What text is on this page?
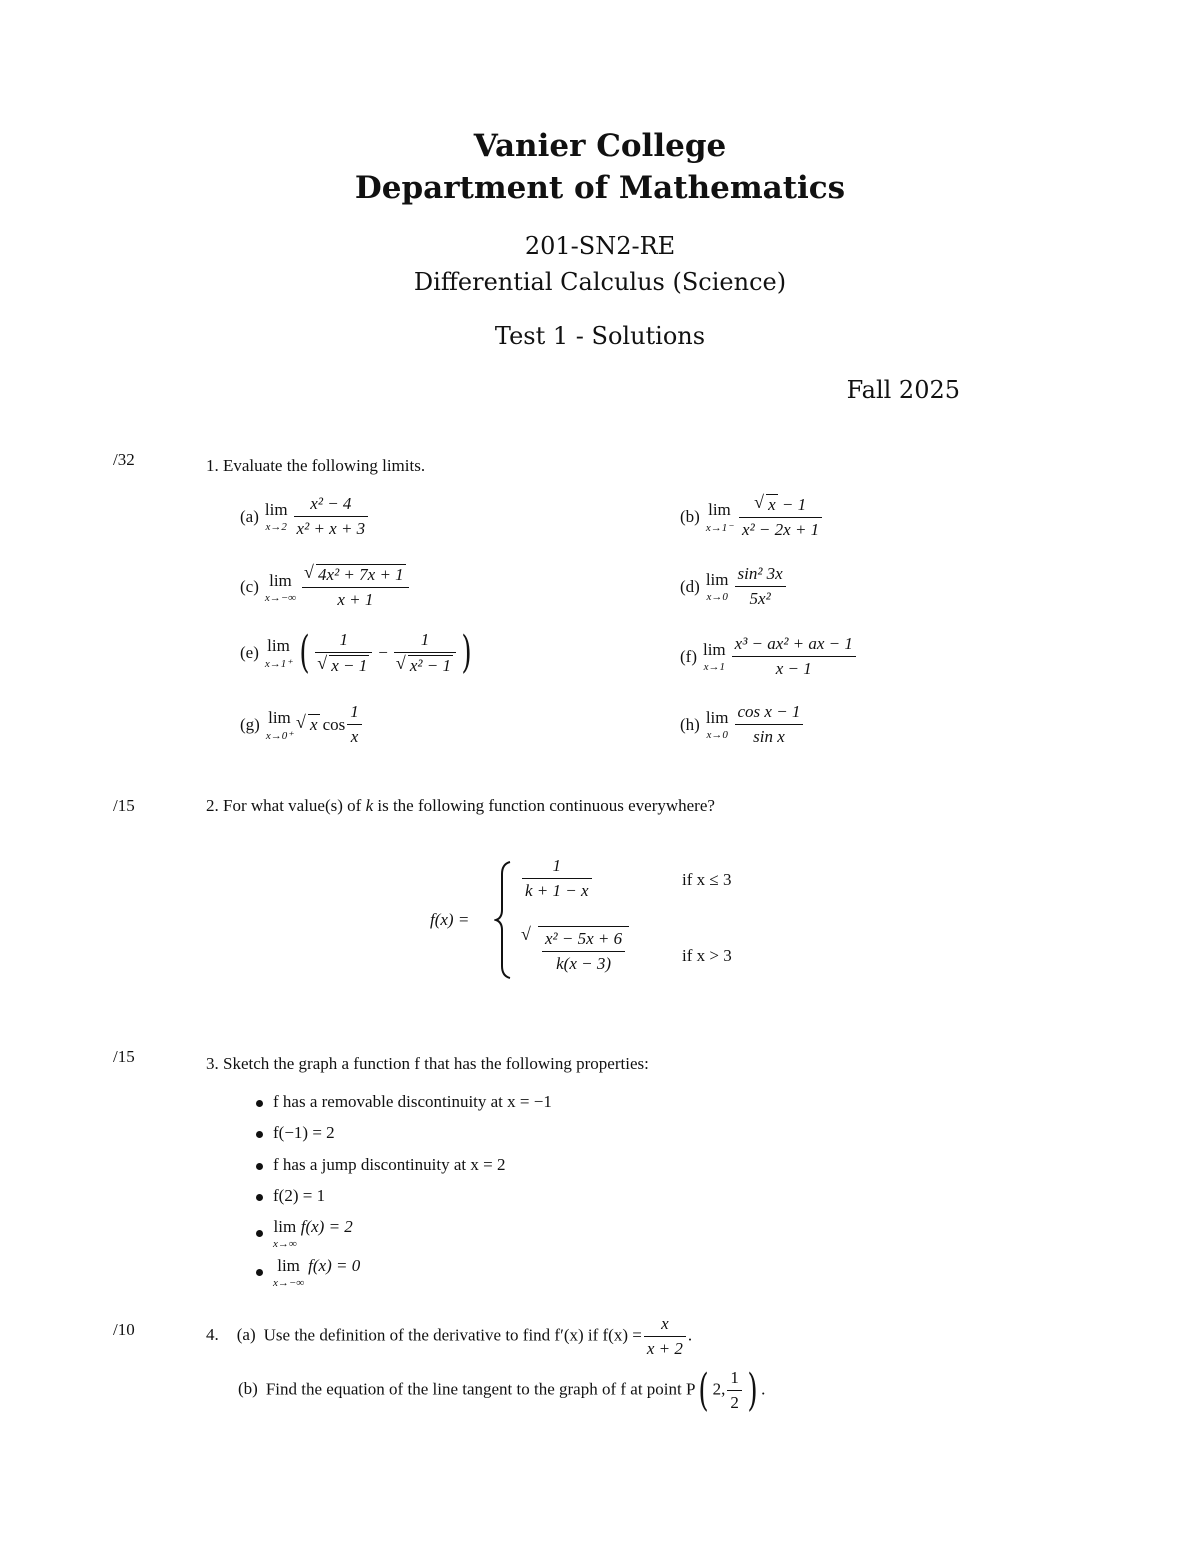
Vanier College
Department of Mathematics
201-SN2-RE
Differential Calculus (Science)
Test 1 - Solutions
Fall 2025
/32	1. Evaluate the following limits.
(a) lim
$x\to 2 \frac{\text{x² − 4}}{\text{x² + x + 3}}$	(b) lim
x→1⁻ √ $\frac{x - 1}{\text{x² − 2x + 1}}$
(c) lim
x→−∞ √ $\frac{\text{4x² + 7x + 1}}{x + 1}$	(d) lim
$x\to 0 \frac{\text{sin² 3x}}{\text{5x²}}$
(e) lim
x→1⁺ ( 1
√ x − 1 − 1
√ x² − 1 )	(f) lim
$x\to 1 \frac{\text{x³ − ax² + ax − 1}}{x - 1}$
(g) lim
x→0⁺
√ x $\cos \frac{1}{x}$	(h) lim
$x\to 0 \frac{\text{cos x − 1}}{\text{sin x}}$
/15	2. For what value(s) of k is the following function continuous everywhere?
f(x) =
$\frac{1}{k + 1 - x}$	if x ≤ 3
√ $\frac{\text{x² − 5x + 6}}{k(x - 3)}$	if x > 3
/15	3. Sketch the graph a function f that has the following properties:
f has a removable discontinuity at x = −1
f(−1) = 2
f has a jump discontinuity at x = 2
f(2) = 1
lim
x→∞
f(x) = 2
lim
x→−∞
f(x) = 0
/10	4. (a) Use the definition of the derivative to find f′(x) if $f(x) = \frac{x}{x + 2}$ .
(b) Find the equation of the line tangent to the graph of f at point P( 2, $\frac{1}{2}$ ) .
